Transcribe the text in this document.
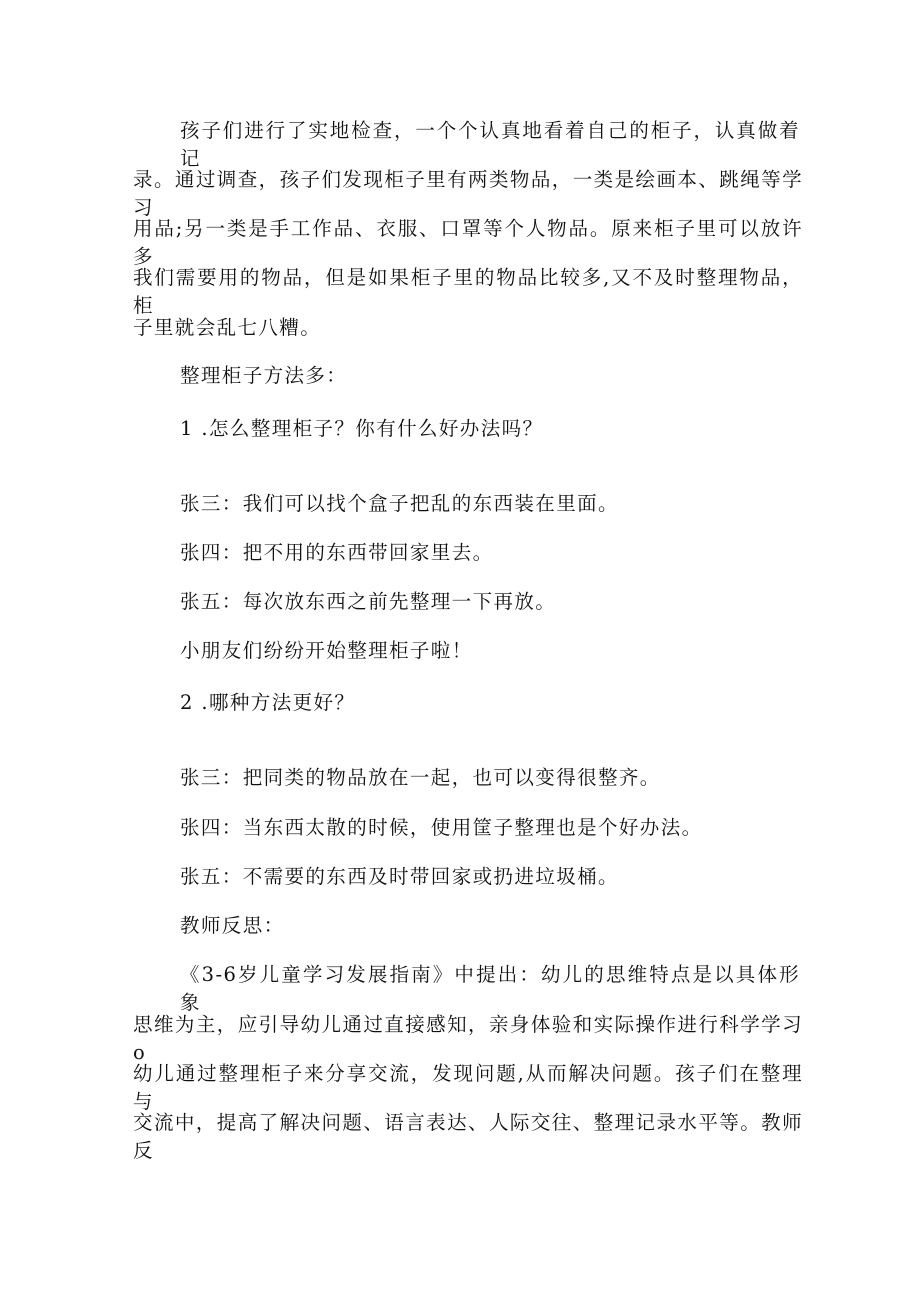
孩子们进行了实地检查，一个个认真地看着自己的柜子，认真做着记
录。通过调查，孩子们发现柜子里有两类物品，一类是绘画本、跳绳等学习
用品;另一类是手工作品、衣服、口罩等个人物品。原来柜子里可以放许多
我们需要用的物品，但是如果柜子里的物品比较多,又不及时整理物品，柜
子里就会乱七八糟。
整理柜子方法多：
1 .怎么整理柜子？你有什么好办法吗？
张三：我们可以找个盒子把乱的东西装在里面。
张四：把不用的东西带回家里去。
张五：每次放东西之前先整理一下再放。
小朋友们纷纷开始整理柜子啦！
2 .哪种方法更好？
张三：把同类的物品放在一起，也可以变得很整齐。
张四：当东西太散的时候，使用筐子整理也是个好办法。
张五：不需要的东西及时带回家或扔进垃圾桶。
教师反思：
《3-6岁儿童学习发展指南》中提出：幼儿的思维特点是以具体形象
思维为主，应引导幼儿通过直接感知，亲身体验和实际操作进行科学学习o
幼儿通过整理柜子来分享交流，发现问题,从而解决问题。孩子们在整理与
交流中，提高了解决问题、语言表达、人际交往、整理记录水平等。教师反
